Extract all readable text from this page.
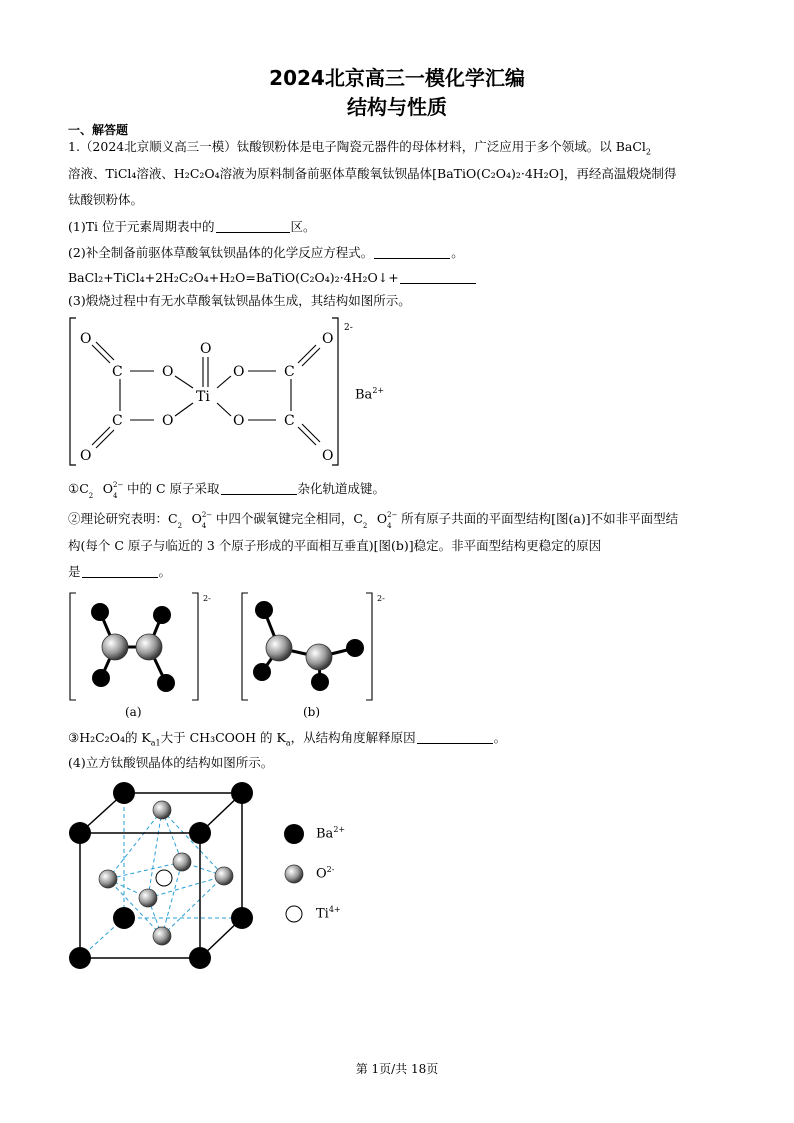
2024北京高三一模化学汇编
结构与性质
一、解答题
1.（2024北京顺义高三一模）钛酸钡粉体是电子陶瓷元器件的母体材料，广泛应用于多个领域。以 BaCl$_2$
溶液、TiCl₄溶液、H₂C₂O₄溶液为原料制备前驱体草酸氧钛钡晶体[BaTiO(C₂O₄)₂·4H₂O]，再经高温煅烧制得
钛酸钡粉体。
(1)Ti 位于元素周期表中的	区。
(2)补全制备前驱体草酸氧钛钡晶体的化学反应方程式。	。
BaCl₂+TiCl₄+2H₂C₂O₄+H₂O=BaTiO(C₂O₄)₂·4H₂O↓+
(3)煅烧过程中有无水草酸氧钛钡晶体生成，其结构如图所示。
2-
O
C	O
O
Ti
O	C
O
C	O	O	C
O	O
$Ba^{2+}$
①C 2 O 2−
4 中的 C 原子采取	杂化轨道成键。
②理论研究表明：C 2 O 2−
4 中四个碳氧键完全相同，C 2 O 2−
4 所有原子共面的平面型结构[图(a)]不如非平面型结
构(每个 C 原子与临近的 3 个原子形成的平面相互垂直)[图(b)]稳定。非平面型结构更稳定的原因
是	。
2-
(a)
2-
(b)
③H₂C₂O₄的 $K_{a1}$大于 CH₃COOH 的 $K_a$，从结构角度解释原因	。
(4)立方钛酸钡晶体的结构如图所示。
$Ba^{2+}$
$O^{2-}$
$Ti^{4+}$
第 1页/共 18页
